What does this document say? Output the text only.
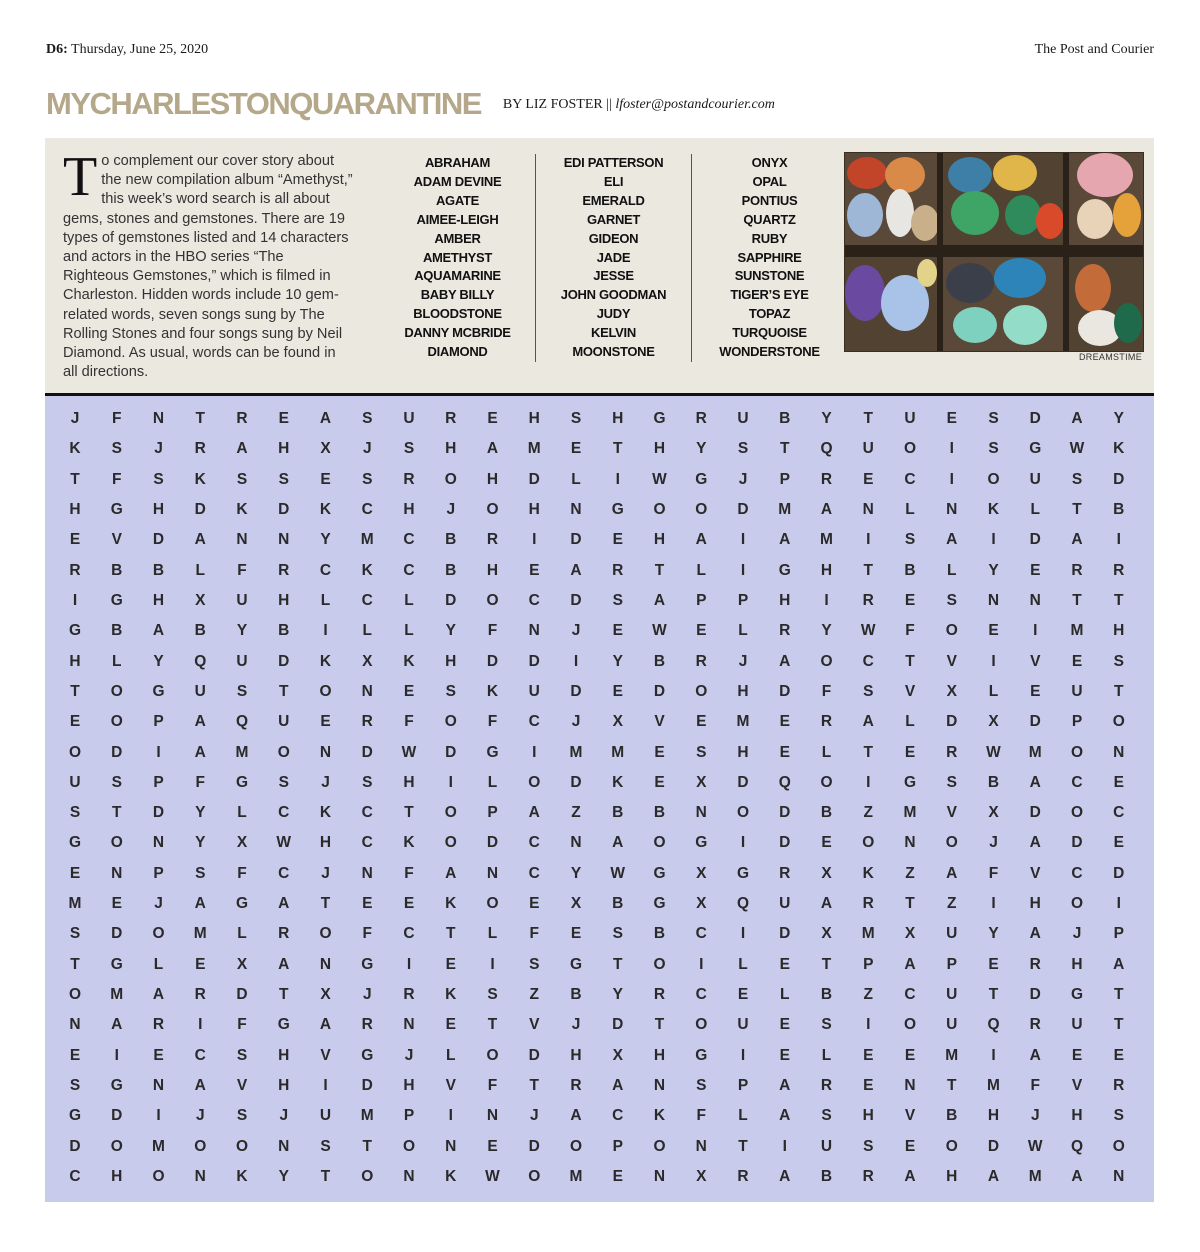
D6: Thursday, June 25, 2020	The Post and Courier
MYCHARLESTONQUARANTINE BY LIZ FOSTER || lfoster@postandcourier.com
To complement our cover story about the new compilation album “Amethyst,” this week’s word search is all about gems, stones and gemstones. There are 19 types of gemstones listed and 14 characters and actors in the HBO series “The Righteous Gemstones,” which is filmed in Charleston. Hidden words include 10 gem-related words, seven songs sung by The Rolling Stones and four songs sung by Neil Diamond. As usual, words can be found in all directions.
ABRAHAM
ADAM DEVINE
AGATE
AIMEE-LEIGH
AMBER
AMETHYST
AQUAMARINE
BABY BILLY
BLOODSTONE
DANNY MCBRIDE
DIAMOND
EDI PATTERSON
ELI
EMERALD
GARNET
GIDEON
JADE
JESSE
JOHN GOODMAN
JUDY
KELVIN
MOONSTONE
ONYX
OPAL
PONTIUS
QUARTZ
RUBY
SAPPHIRE
SUNSTONE
TIGER’S EYE
TOPAZ
TURQUOISE
WONDERSTONE	DREAMSTIME
J	F	N	T	R	E	A	S	U	R	E	H	S	H	G	R	U	B	Y	T	U	E	S	D	A	Y
K	S	J	R	A	H	X	J	S	H	A	M	E	T	H	Y	S	T	Q	U	O	I	S	G	W	K
T	F	S	K	S	S	E	S	R	O	H	D	L	I	W	G	J	P	R	E	C	I	O	U	S	D
H	G	H	D	K	D	K	C	H	J	O	H	N	G	O	O	D	M	A	N	L	N	K	L	T	B
E	V	D	A	N	N	Y	M	C	B	R	I	D	E	H	A	I	A	M	I	S	A	I	D	A	I
R	B	B	L	F	R	C	K	C	B	H	E	A	R	T	L	I	G	H	T	B	L	Y	E	R	R
I	G	H	X	U	H	L	C	L	D	O	C	D	S	A	P	P	H	I	R	E	S	N	N	T	T
G	B	A	B	Y	B	I	L	L	Y	F	N	J	E	W	E	L	R	Y	W	F	O	E	I	M	H
H	L	Y	Q	U	D	K	X	K	H	D	D	I	Y	B	R	J	A	O	C	T	V	I	V	E	S
T	O	G	U	S	T	O	N	E	S	K	U	D	E	D	O	H	D	F	S	V	X	L	E	U	T
E	O	P	A	Q	U	E	R	F	O	F	C	J	X	V	E	M	E	R	A	L	D	X	D	P	O
O	D	I	A	M	O	N	D	W	D	G	I	M	M	E	S	H	E	L	T	E	R	W	M	O	N
U	S	P	F	G	S	J	S	H	I	L	O	D	K	E	X	D	Q	O	I	G	S	B	A	C	E
S	T	D	Y	L	C	K	C	T	O	P	A	Z	B	B	N	O	D	B	Z	M	V	X	D	O	C
G	O	N	Y	X	W	H	C	K	O	D	C	N	A	O	G	I	D	E	O	N	O	J	A	D	E
E	N	P	S	F	C	J	N	F	A	N	C	Y	W	G	X	G	R	X	K	Z	A	F	V	C	D
M	E	J	A	G	A	T	E	E	K	O	E	X	B	G	X	Q	U	A	R	T	Z	I	H	O	I
S	D	O	M	L	R	O	F	C	T	L	F	E	S	B	C	I	D	X	M	X	U	Y	A	J	P
T	G	L	E	X	A	N	G	I	E	I	S	G	T	O	I	L	E	T	P	A	P	E	R	H	A
O	M	A	R	D	T	X	J	R	K	S	Z	B	Y	R	C	E	L	B	Z	C	U	T	D	G	T
N	A	R	I	F	G	A	R	N	E	T	V	J	D	T	O	U	E	S	I	O	U	Q	R	U	T
E	I	E	C	S	H	V	G	J	L	O	D	H	X	H	G	I	E	L	E	E	M	I	A	E	E
S	G	N	A	V	H	I	D	H	V	F	T	R	A	N	S	P	A	R	E	N	T	M	F	V	R
G	D	I	J	S	J	U	M	P	I	N	J	A	C	K	F	L	A	S	H	V	B	H	J	H	S
D	O	M	O	O	N	S	T	O	N	E	D	O	P	O	N	T	I	U	S	E	O	D	W	Q	O
C	H	O	N	K	Y	T	O	N	K	W	O	M	E	N	X	R	A	B	R	A	H	A	M	A	N
